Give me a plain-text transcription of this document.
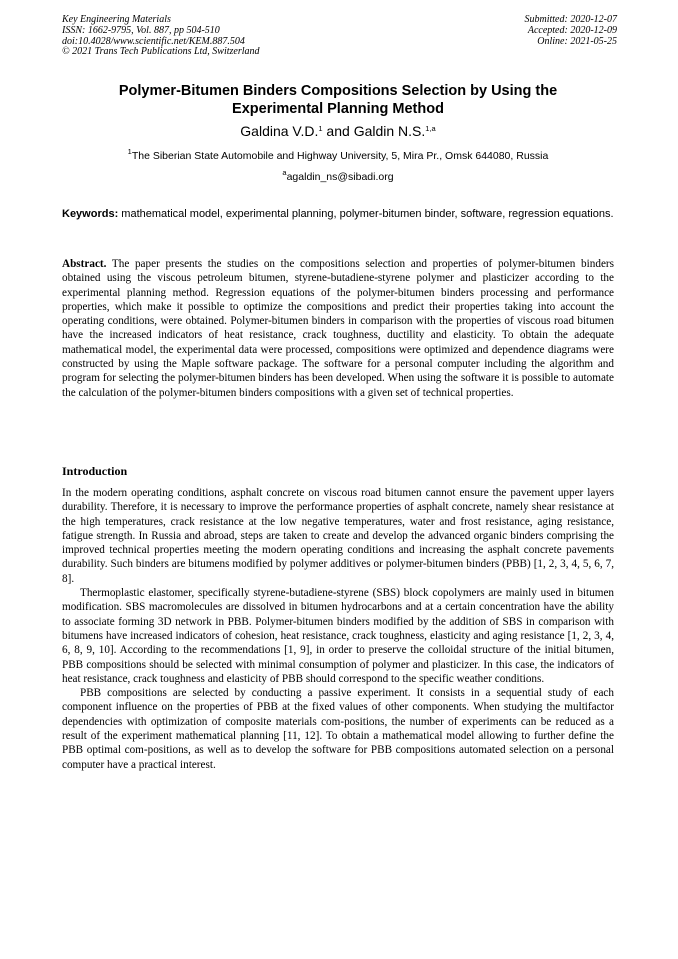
Key Engineering Materials
ISSN: 1662-9795, Vol. 887, pp 504-510
doi:10.4028/www.scientific.net/KEM.887.504
© 2021 Trans Tech Publications Ltd, Switzerland
Submitted: 2020-12-07
Accepted: 2020-12-09
Online: 2021-05-25
Polymer-Bitumen Binders Compositions Selection by Using the
Experimental Planning Method
Galdina V.D.$^1$ and Galdin N.S.$^{1,a}$
$^1$The Siberian State Automobile and Highway University, 5, Mira Pr., Omsk 644080, Russia
$^a$agaldin_ns@sibadi.org
Keywords: mathematical model, experimental planning, polymer-bitumen binder, software, regression equations.
Abstract. The paper presents the studies on the compositions selection and properties of polymer-bitumen binders obtained using the viscous petroleum bitumen, styrene-butadiene-styrene polymer and plasticizer according to the experimental planning method. Regression equations of the polymer-bitumen binders processing and performance properties, which make it possible to optimize the compositions and predict their properties taking into account the operating conditions, were obtained. Polymer-bitumen binders in comparison with the properties of viscous road bitumen have the increased indicators of heat resistance, crack toughness, ductility and elasticity. To obtain the adequate mathematical model, the experimental data were processed, compositions were optimized and dependence diagrams were constructed by using the Maple software package. The software for a personal computer including the algorithm and program for selecting the polymer-bitumen binders has been developed. When using the software it is possible to automate the calculation of the polymer-bitumen binders compositions with a given set of technical properties.
Introduction

In the modern operating conditions, asphalt concrete on viscous road bitumen cannot ensure the pavement upper layers durability. Therefore, it is necessary to improve the performance properties of asphalt concrete, namely shear resistance at the high temperatures, crack resistance at the low negative temperatures, water and frost resistance, aging resistance, fatigue strength. In Russia and abroad, steps are taken to create and develop the advanced organic binders comprising the improved technical properties meeting the modern operating conditions and increasing the asphalt concrete pavements durability. Such binders are bitumens modified by polymer additives or polymer-bitumen binders (PBB) [1, 2, 3, 4, 5, 6, 7, 8].

Thermoplastic elastomer, specifically styrene-butadiene-styrene (SBS) block copolymers are mainly used in bitumen modification. SBS macromolecules are dissolved in bitumen hydrocarbons and at a certain concentration have the ability to associate forming 3D network in PBB. Polymer-bitumen binders modified by the addition of SBS in comparison with bitumens have increased indicators of cohesion, heat resistance, crack toughness, elasticity and aging resistance [1, 2, 3, 4, 6, 8, 9, 10]. According to the recommendations [1, 9], in order to preserve the colloidal structure of the initial bitumen, PBB compositions should be selected with minimal consumption of polymer and plasticizer. In this case, the indicators of heat resistance, crack toughness and elasticity of PBB should correspond to the specific weather conditions.

PBB compositions are selected by conducting a passive experiment. It consists in a sequential study of each component influence on the properties of PBB at the fixed values of other components. When studying the multifactor dependencies with optimization of composite materials com-positions, the number of experiments can be reduced as a result of the experiment mathematical planning [11, 12]. To obtain a mathematical model allowing to further define the PBB optimal com-positions, as well as to develop the software for PBB compositions automated selection on a personal computer have a practical interest.
